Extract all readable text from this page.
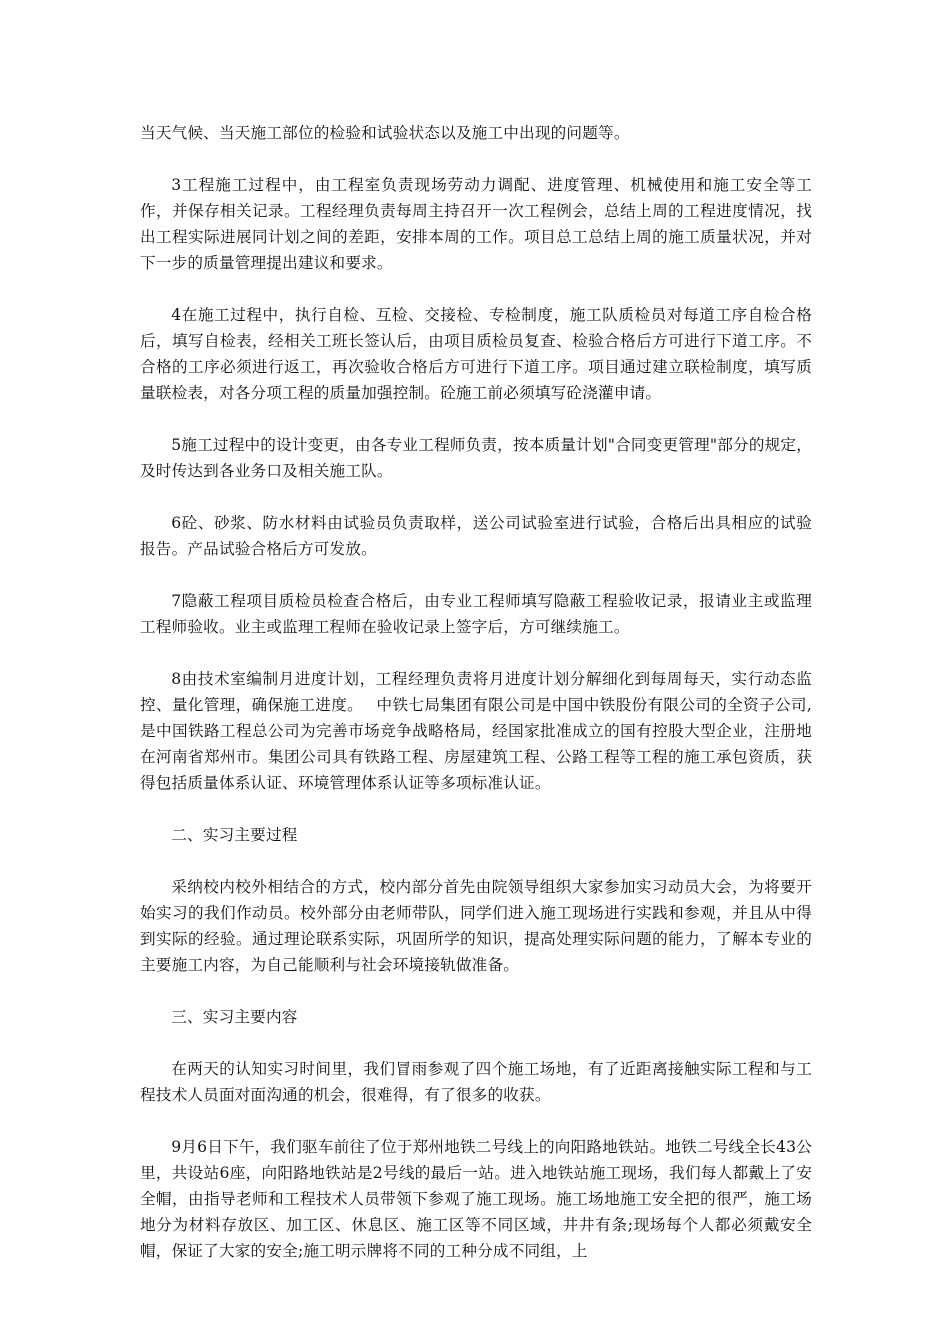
当天气候、当天施工部位的检验和试验状态以及施工中出现的问题等。

3工程施工过程中，由工程室负责现场劳动力调配、进度管理、机械使用和施工安全等工作，并保存相关记录。工程经理负责每周主持召开一次工程例会，总结上周的工程进度情况，找出工程实际进展同计划之间的差距，安排本周的工作。项目总工总结上周的施工质量状况，并对下一步的质量管理提出建议和要求。

4在施工过程中，执行自检、互检、交接检、专检制度，施工队质检员对每道工序自检合格后，填写自检表，经相关工班长签认后，由项目质检员复查、检验合格后方可进行下道工序。不合格的工序必须进行返工，再次验收合格后方可进行下道工序。项目通过建立联检制度，填写质量联检表，对各分项工程的质量加强控制。砼施工前必须填写砼浇灌申请。

5施工过程中的设计变更，由各专业工程师负责，按本质量计划"合同变更管理"部分的规定，及时传达到各业务口及相关施工队。

6砼、砂浆、防水材料由试验员负责取样，送公司试验室进行试验，合格后出具相应的试验报告。产品试验合格后方可发放。

7隐蔽工程项目质检员检查合格后，由专业工程师填写隐蔽工程验收记录，报请业主或监理工程师验收。业主或监理工程师在验收记录上签字后，方可继续施工。

8由技术室编制月进度计划，工程经理负责将月进度计划分解细化到每周每天，实行动态监控、量化管理，确保施工进度。　 中铁七局集团有限公司是中国中铁股份有限公司的全资子公司,是中国铁路工程总公司为完善市场竞争战略格局，经国家批准成立的国有控股大型企业，注册地在河南省郑州市。集团公司具有铁路工程、房屋建筑工程、公路工程等工程的施工承包资质，获得包括质量体系认证、环境管理体系认证等多项标准认证。

二、实习主要过程

采纳校内校外相结合的方式，校内部分首先由院领导组织大家参加实习动员大会，为将要开始实习的我们作动员。校外部分由老师带队，同学们进入施工现场进行实践和参观，并且从中得到实际的经验。通过理论联系实际，巩固所学的知识，提高处理实际问题的能力，了解本专业的主要施工内容，为自己能顺利与社会环境接轨做准备。

三、实习主要内容

在两天的认知实习时间里，我们冒雨参观了四个施工场地，有了近距离接触实际工程和与工程技术人员面对面沟通的机会，很难得，有了很多的收获。

9月6日下午，我们驱车前往了位于郑州地铁二号线上的向阳路地铁站。地铁二号线全长43公里，共设站6座，向阳路地铁站是2号线的最后一站。进入地铁站施工现场，我们每人都戴上了安全帽，由指导老师和工程技术人员带领下参观了施工现场。施工场地施工安全把的很严，施工场地分为材料存放区、加工区、休息区、施工区等不同区域，井井有条;现场每个人都必须戴安全帽，保证了大家的安全;施工明示牌将不同的工种分成不同组，上
